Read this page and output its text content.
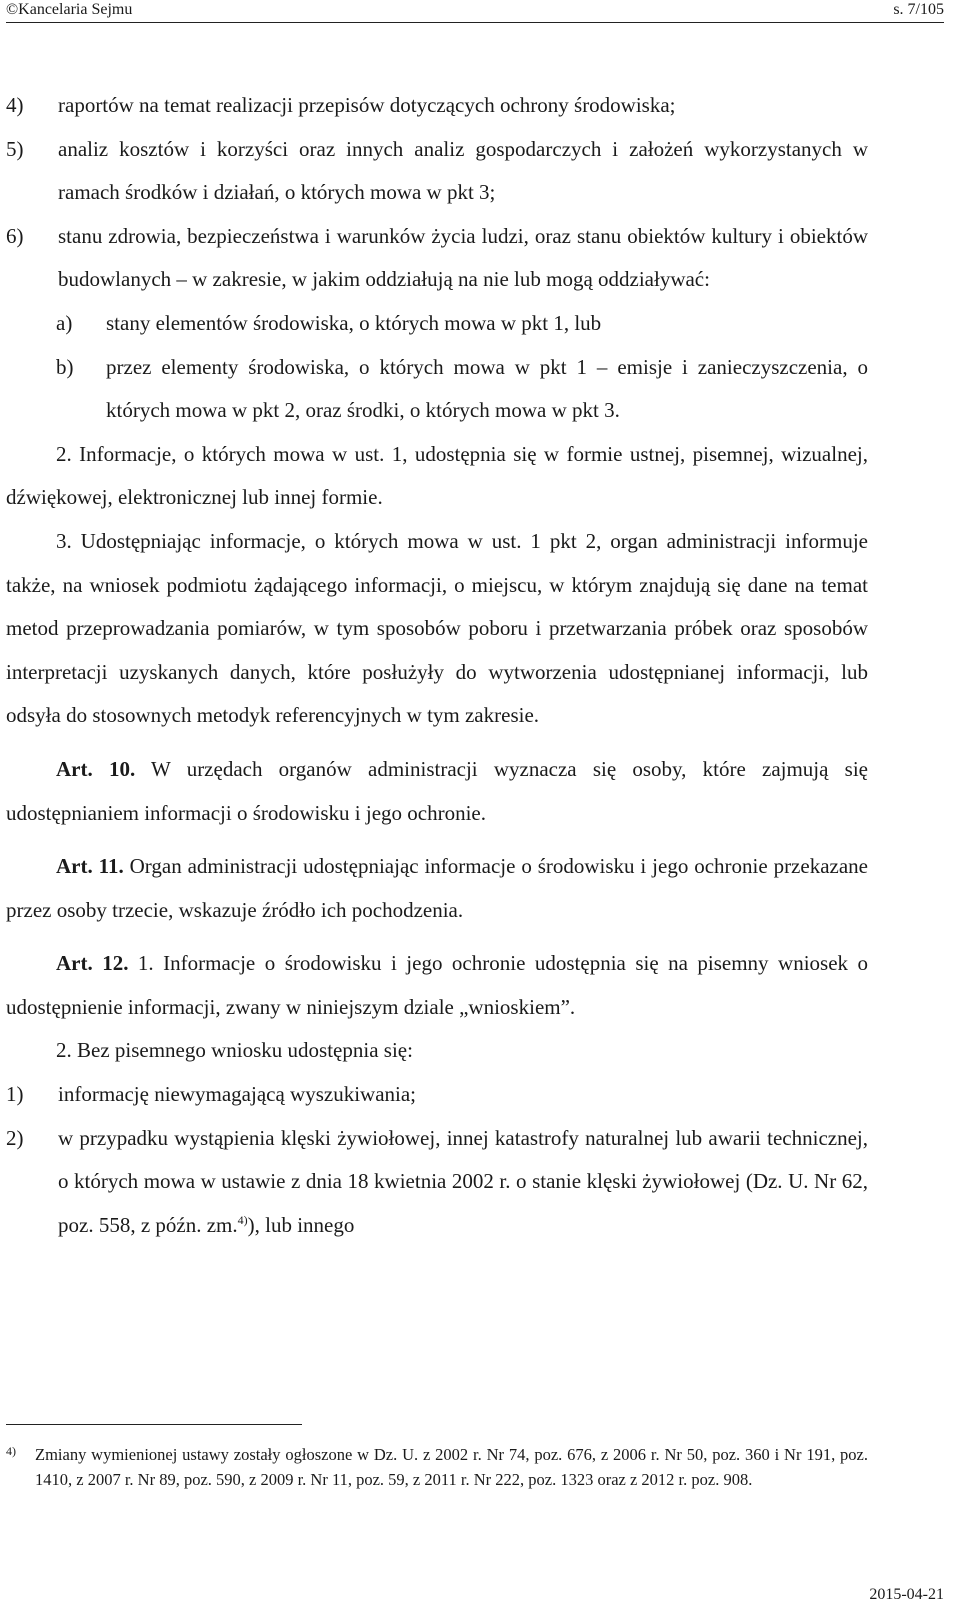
©Kancelaria Sejmu	s. 7/105

4) raportów na temat realizacji przepisów dotyczących ochrony środowiska;

5) analiz kosztów i korzyści oraz innych analiz gospodarczych i założeń wykorzystanych w ramach środków i działań, o których mowa w pkt 3;

6) stanu zdrowia, bezpieczeństwa i warunków życia ludzi, oraz stanu obiektów kultury i obiektów budowlanych – w zakresie, w jakim oddziałują na nie lub mogą oddziaływać:

a) stany elementów środowiska, o których mowa w pkt 1, lub

b) przez elementy środowiska, o których mowa w pkt 1 – emisje i zanieczyszczenia, o których mowa w pkt 2, oraz środki, o których mowa w pkt 3.

2. Informacje, o których mowa w ust. 1, udostępnia się w formie ustnej, pisemnej, wizualnej, dźwiękowej, elektronicznej lub innej formie.

3. Udostępniając informacje, o których mowa w ust. 1 pkt 2, organ administracji informuje także, na wniosek podmiotu żądającego informacji, o miejscu, w którym znajdują się dane na temat metod przeprowadzania pomiarów, w tym sposobów poboru i przetwarzania próbek oraz sposobów interpretacji uzyskanych danych, które posłużyły do wytworzenia udostępnianej informacji, lub odsyła do stosownych metodyk referencyjnych w tym zakresie.

Art. 10. W urzędach organów administracji wyznacza się osoby, które zajmują się udostępnianiem informacji o środowisku i jego ochronie.

Art. 11. Organ administracji udostępniając informacje o środowisku i jego ochronie przekazane przez osoby trzecie, wskazuje źródło ich pochodzenia.

Art. 12. 1. Informacje o środowisku i jego ochronie udostępnia się na pisemny wniosek o udostępnienie informacji, zwany w niniejszym dziale „wnioskiem”.

2. Bez pisemnego wniosku udostępnia się:

1) informację niewymagającą wyszukiwania;

2) w przypadku wystąpienia klęski żywiołowej, innej katastrofy naturalnej lub awarii technicznej, o których mowa w ustawie z dnia 18 kwietnia 2002 r. o stanie klęski żywiołowej (Dz. U. Nr 62, poz. 558, z późn. zm.$^{4)}$), lub innego

4) Zmiany wymienionej ustawy zostały ogłoszone w Dz. U. z 2002 r. Nr 74, poz. 676, z 2006 r. Nr 50, poz. 360 i Nr 191, poz. 1410, z 2007 r. Nr 89, poz. 590, z 2009 r. Nr 11, poz. 59, z 2011 r. Nr 222, poz. 1323 oraz z 2012 r. poz. 908.
2015-04-21
